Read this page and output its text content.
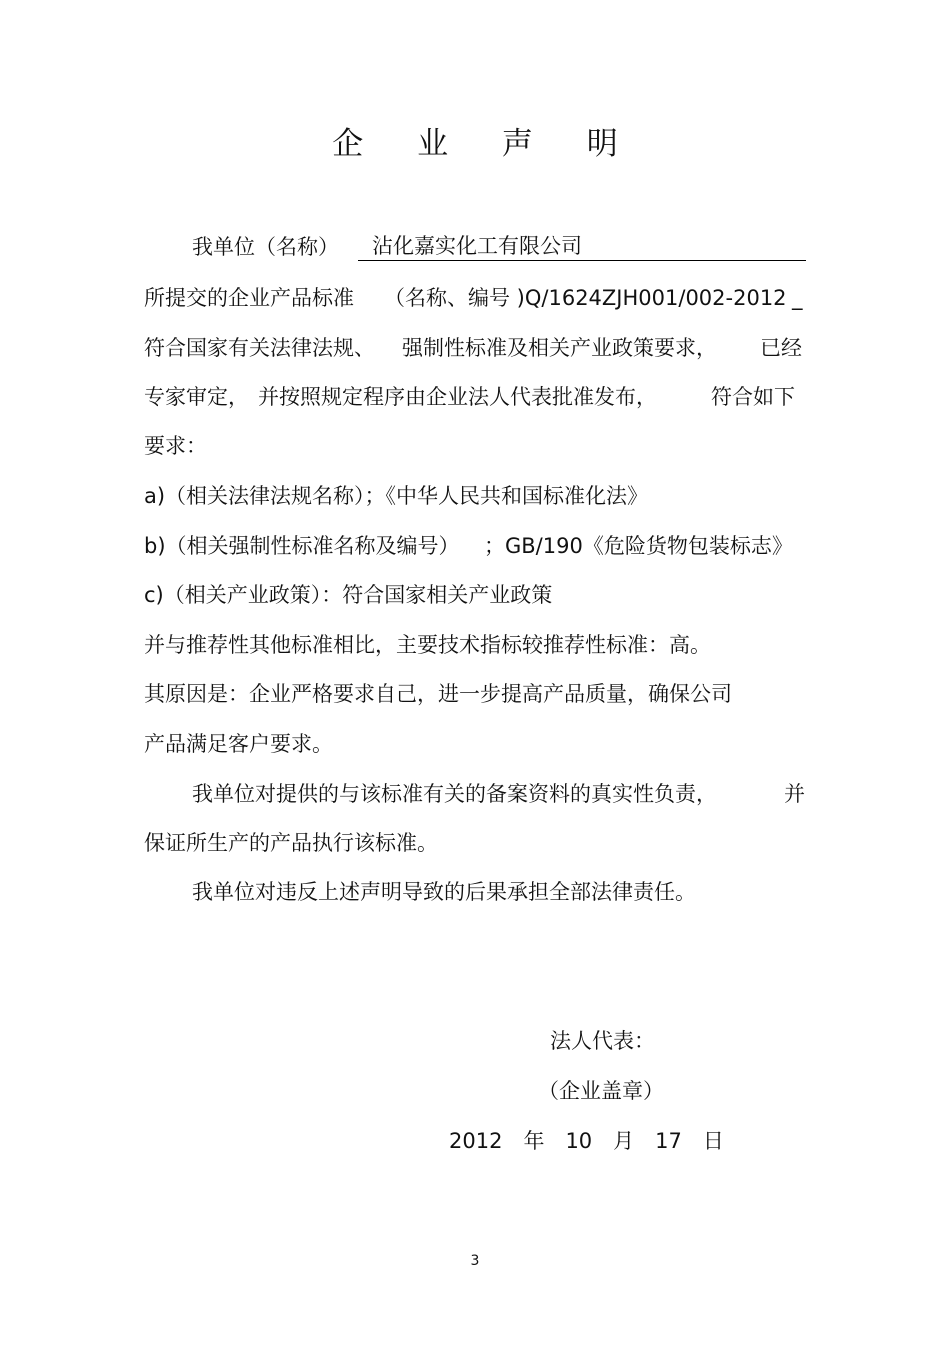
企 业 声 明
我单位（名称）	沾化嘉实化工有限公司
所提交的企业产品标准 （名称、编号 )Q/1624ZJH001/002-2012 _
符合国家有关法律法规、 强制性标准及相关产业政策要求， 已经
专家审定， 并按照规定程序由企业法人代表批准发布，	符合如下
要求：
a)（相关法律法规名称）；《中华人民共和国标准化法》
b)（相关强制性标准名称及编号） ；GB/190《危险货物包装标志》
c)（相关产业政策）：符合国家相关产业政策
并与推荐性其他标准相比，主要技术指标较推荐性标准：高。
其原因是：企业严格要求自己，进一步提高产品质量，确保公司
产品满足客户要求。
我单位对提供的与该标准有关的备案资料的真实性负责，	并
保证所生产的产品执行该标准。
我单位对违反上述声明导致的后果承担全部法律责任。
法人代表：
（企业盖章）
2012　年　10　月　17　日
3
